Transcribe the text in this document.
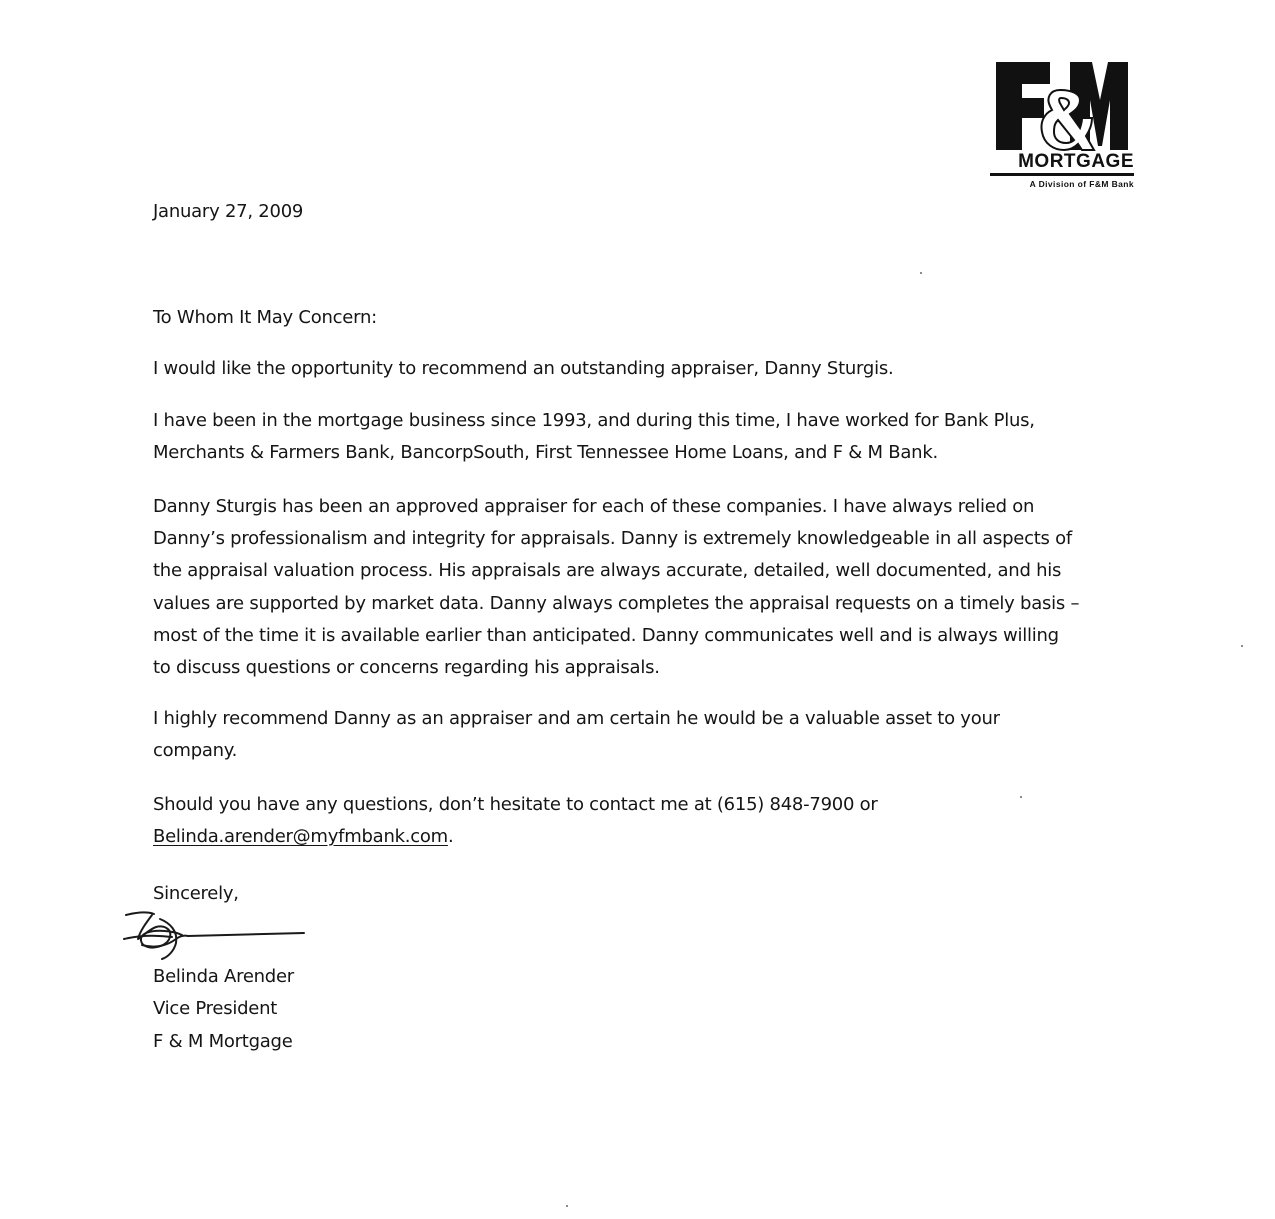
MORTGAGE
A Division of F&M Bank

January 27, 2009

To Whom It May Concern:

I would like the opportunity to recommend an outstanding appraiser, Danny Sturgis.
I have been in the mortgage business since 1993, and during this time, I have worked for Bank Plus,
Merchants & Farmers Bank, BancorpSouth, First Tennessee Home Loans, and F & M Bank.
Danny Sturgis has been an approved appraiser for each of these companies. I have always relied on
Danny’s professionalism and integrity for appraisals. Danny is extremely knowledgeable in all aspects of
the appraisal valuation process. His appraisals are always accurate, detailed, well documented, and his
values are supported by market data. Danny always completes the appraisal requests on a timely basis –
most of the time it is available earlier than anticipated. Danny communicates well and is always willing
to discuss questions or concerns regarding his appraisals.
I highly recommend Danny as an appraiser and am certain he would be a valuable asset to your
company.
Should you have any questions, don’t hesitate to contact me at (615) 848-7900 or
Belinda.arender@myfmbank.com.

Sincerely,

Belinda Arender

Vice President

F & M Mortgage
